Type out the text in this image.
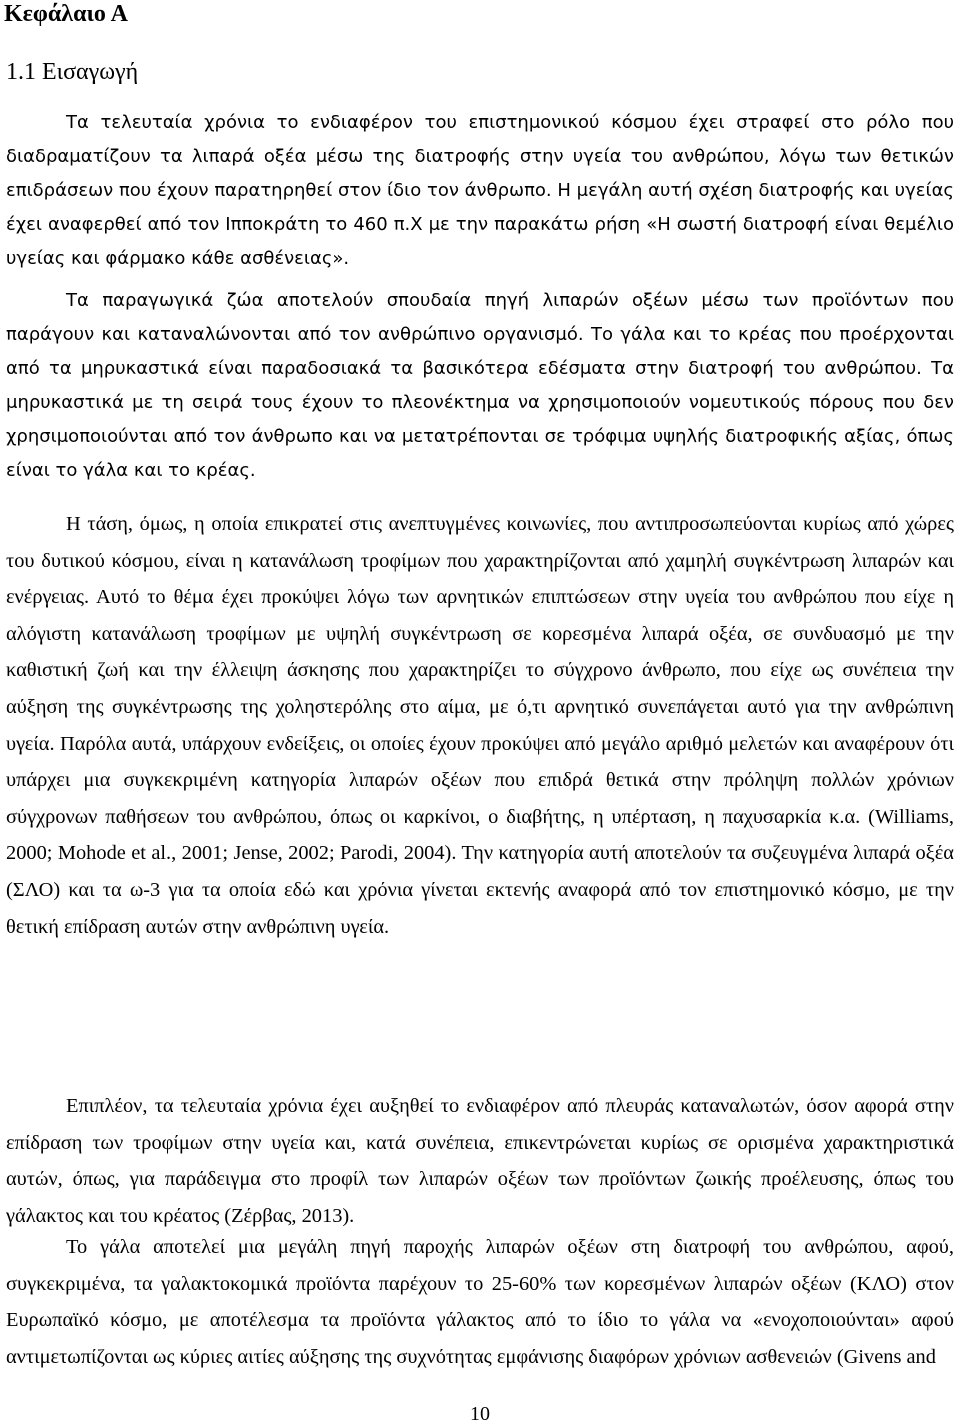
Κεφάλαιο Α
1.1 Εισαγωγή

Τα τελευταία χρόνια το ενδιαφέρον του επιστημονικού κόσμου έχει στραφεί στο ρόλο που διαδραματίζουν τα λιπαρά οξέα μέσω της διατροφής στην υγεία του ανθρώπου, λόγω των θετικών επιδράσεων που έχουν παρατηρηθεί στον ίδιο τον άνθρωπο. Η μεγάλη αυτή σχέση διατροφής και υγείας έχει αναφερθεί από τον Ιπποκράτη το 460 π.Χ με την παρακάτω ρήση «Η σωστή διατροφή είναι θεμέλιο υγείας και φάρμακο κάθε ασθένειας».

Τα παραγωγικά ζώα αποτελούν σπουδαία πηγή λιπαρών οξέων μέσω των προϊόντων που παράγουν και καταναλώνονται από τον ανθρώπινο οργανισμό. Το γάλα και το κρέας που προέρχονται από τα μηρυκαστικά είναι παραδοσιακά τα βασικότερα εδέσματα στην διατροφή του ανθρώπου. Τα μηρυκαστικά με τη σειρά τους έχουν το πλεονέκτημα να χρησιμοποιούν νομευτικούς πόρους που δεν χρησιμοποιούνται από τον άνθρωπο και να μετατρέπονται σε τρόφιμα υψηλής διατροφικής αξίας, όπως είναι το γάλα και το κρέας.

Η τάση, όμως, η οποία επικρατεί στις ανεπτυγμένες κοινωνίες, που αντιπροσωπεύονται κυρίως από χώρες του δυτικού κόσμου, είναι η κατανάλωση τροφίμων που χαρακτηρίζονται από χαμηλή συγκέντρωση λιπαρών και ενέργειας. Αυτό το θέμα έχει προκύψει λόγω των αρνητικών επιπτώσεων στην υγεία του ανθρώπου που είχε η αλόγιστη κατανάλωση τροφίμων με υψηλή συγκέντρωση σε κορεσμένα λιπαρά οξέα, σε συνδυασμό με την καθιστική ζωή και την έλλειψη άσκησης που χαρακτηρίζει το σύγχρονο άνθρωπο, που είχε ως συνέπεια την αύξηση της συγκέντρωσης της χοληστερόλης στο αίμα, με ό,τι αρνητικό συνεπάγεται αυτό για την ανθρώπινη υγεία. Παρόλα αυτά, υπάρχουν ενδείξεις, οι οποίες έχουν προκύψει από μεγάλο αριθμό μελετών και αναφέρουν ότι υπάρχει μια συγκεκριμένη κατηγορία λιπαρών οξέων που επιδρά θετικά στην πρόληψη πολλών χρόνιων σύγχρονων παθήσεων του ανθρώπου, όπως οι καρκίνοι, ο διαβήτης, η υπέρταση, η παχυσαρκία κ.α. (Williams, 2000; Mohode et al., 2001; Jense, 2002; Parodi, 2004). Την κατηγορία αυτή αποτελούν τα συζευγμένα λιπαρά οξέα (ΣΛΟ) και τα ω-3 για τα οποία εδώ και χρόνια γίνεται εκτενής αναφορά από τον επιστημονικό κόσμο, με την θετική επίδραση αυτών στην ανθρώπινη υγεία.

Επιπλέον, τα τελευταία χρόνια έχει αυξηθεί το ενδιαφέρον από πλευράς καταναλωτών, όσον αφορά στην επίδραση των τροφίμων στην υγεία και, κατά συνέπεια, επικεντρώνεται κυρίως σε ορισμένα χαρακτηριστικά αυτών, όπως, για παράδειγμα στο προφίλ των λιπαρών οξέων των προϊόντων ζωικής προέλευσης, όπως του γάλακτος και του κρέατος (Ζέρβας, 2013).

Το γάλα αποτελεί μια μεγάλη πηγή παροχής λιπαρών οξέων στη διατροφή του ανθρώπου, αφού, συγκεκριμένα, τα γαλακτοκομικά προϊόντα παρέχουν το 25-60% των κορεσμένων λιπαρών οξέων (ΚΛΟ) στον Ευρωπαϊκό κόσμο, με αποτέλεσμα τα προϊόντα γάλακτος από το ίδιο το γάλα να «ενοχοποιούνται» αφού αντιμετωπίζονται ως κύριες αιτίες αύξησης της συχνότητας εμφάνισης διαφόρων χρόνιων ασθενειών (Givens and

10
